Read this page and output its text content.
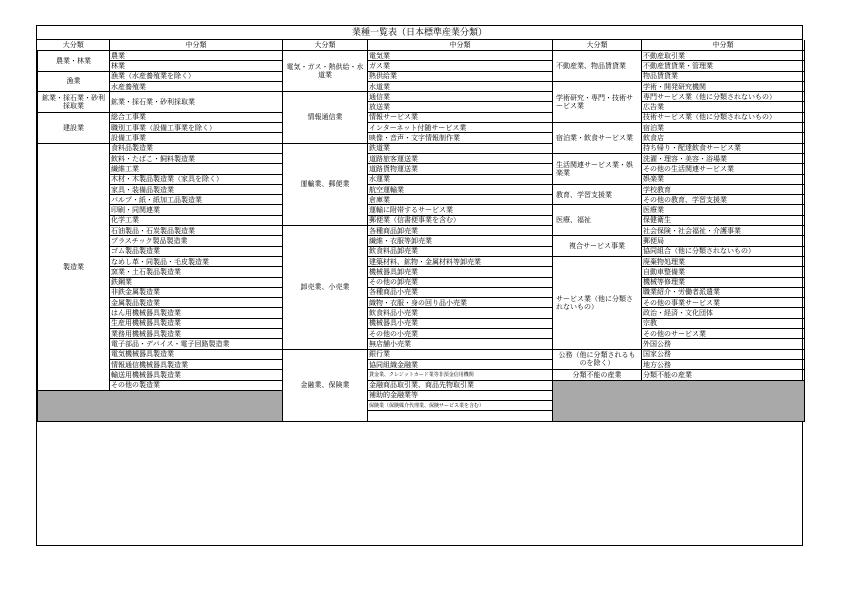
業種一覧表（日本標準産業分類）
大分類	中分類	大分類	中分類	大分類	中分類
農業・林業	農業	電気・ガス・熱供給・水道業	電気業	不動産業、物品賃貸業	不動産取引業
	林業		ガス業		不動産賃貸業・管理業
漁業	漁業（水産養殖業を除く）		熱供給業		物品賃貸業
	水産養殖業		水道業	学術研究・専門・技術サービス業	学術・開発研究機関
鉱業・採石業・砂利採取業	鉱業・採石業・砂利採取業	情報通信業	通信業		専門サービス業（他に分類されないもの）
			放送業		広告業
建設業	総合工事業		情報サービス業		技術サービス業（他に分類されないもの）
	職別工事業（設備工事業を除く）		インターネット付随サービス業	宿泊業・飲食サービス業	宿泊業
	設備工事業		映像・音声・文字情報制作業		飲食店
製造業	食料品製造業	運輸業、郵便業	鉄道業		持ち帰り・配達飲食サービス業
	飲料・たばこ・飼料製造業		道路旅客運送業	生活関連サービス業・娯楽業	洗濯・理容・美容・浴場業
	繊維工業		道路貨物運送業		その他の生活関連サービス業
	木材・木製品製造業（家具を除く）		水運業		娯楽業
	家具・装備品製造業		航空運輸業	教育、学習支援業	学校教育
	パルプ・紙・紙加工品製造業		倉庫業		その他の教育、学習支援業
	印刷・同関連業		運輸に附帯するサービス業	医療、福祉	医療業
	化学工業		郵便業（信書便事業を含む）		保健衛生
	石油製品・石炭製品製造業	卸売業、小売業	各種商品卸売業		社会保険・社会福祉・介護事業
	プラスチック製品製造業		繊維・衣服等卸売業	複合サービス事業	郵便局
	ゴム製品製造業		飲食料品卸売業		協同組合（他に分類されないもの）
	なめし革・同製品・毛皮製造業		建築材料、鉱物・金属材料等卸売業	サービス業（他に分類されないもの）	廃棄物処理業
	窯業・土石製品製造業		機械器具卸売業		自動車整備業
	鉄鋼業		その他の卸売業		機械等修理業
	非鉄金属製造業		各種商品小売業		職業紹介・労働者派遣業
	金属製品製造業		織物・衣服・身の回り品小売業		その他の事業サービス業
	はん用機械器具製造業		飲食料品小売業		政治・経済・文化団体
	生産用機械器具製造業		機械器具小売業		宗教
	業務用機械器具製造業		その他の小売業		その他のサービス業
	電子部品・デバイス・電子回路製造業		無店舗小売業		外国公務
	電気機械器具製造業	金融業、保険業	銀行業	公務（他に分類されるものを除く）	国家公務
	情報通信機械器具製造業		協同組織金融業		地方公務
	輸送用機械器具製造業		貸金業、クレジットカード業等非預金信用機関	分類不能の産業	分類不能の産業
	その他の製造業		金融商品取引業、商品先物取引業		
			補助的金融業等		
			保険業（保険媒介代理業、保険サービス業を含む）		
